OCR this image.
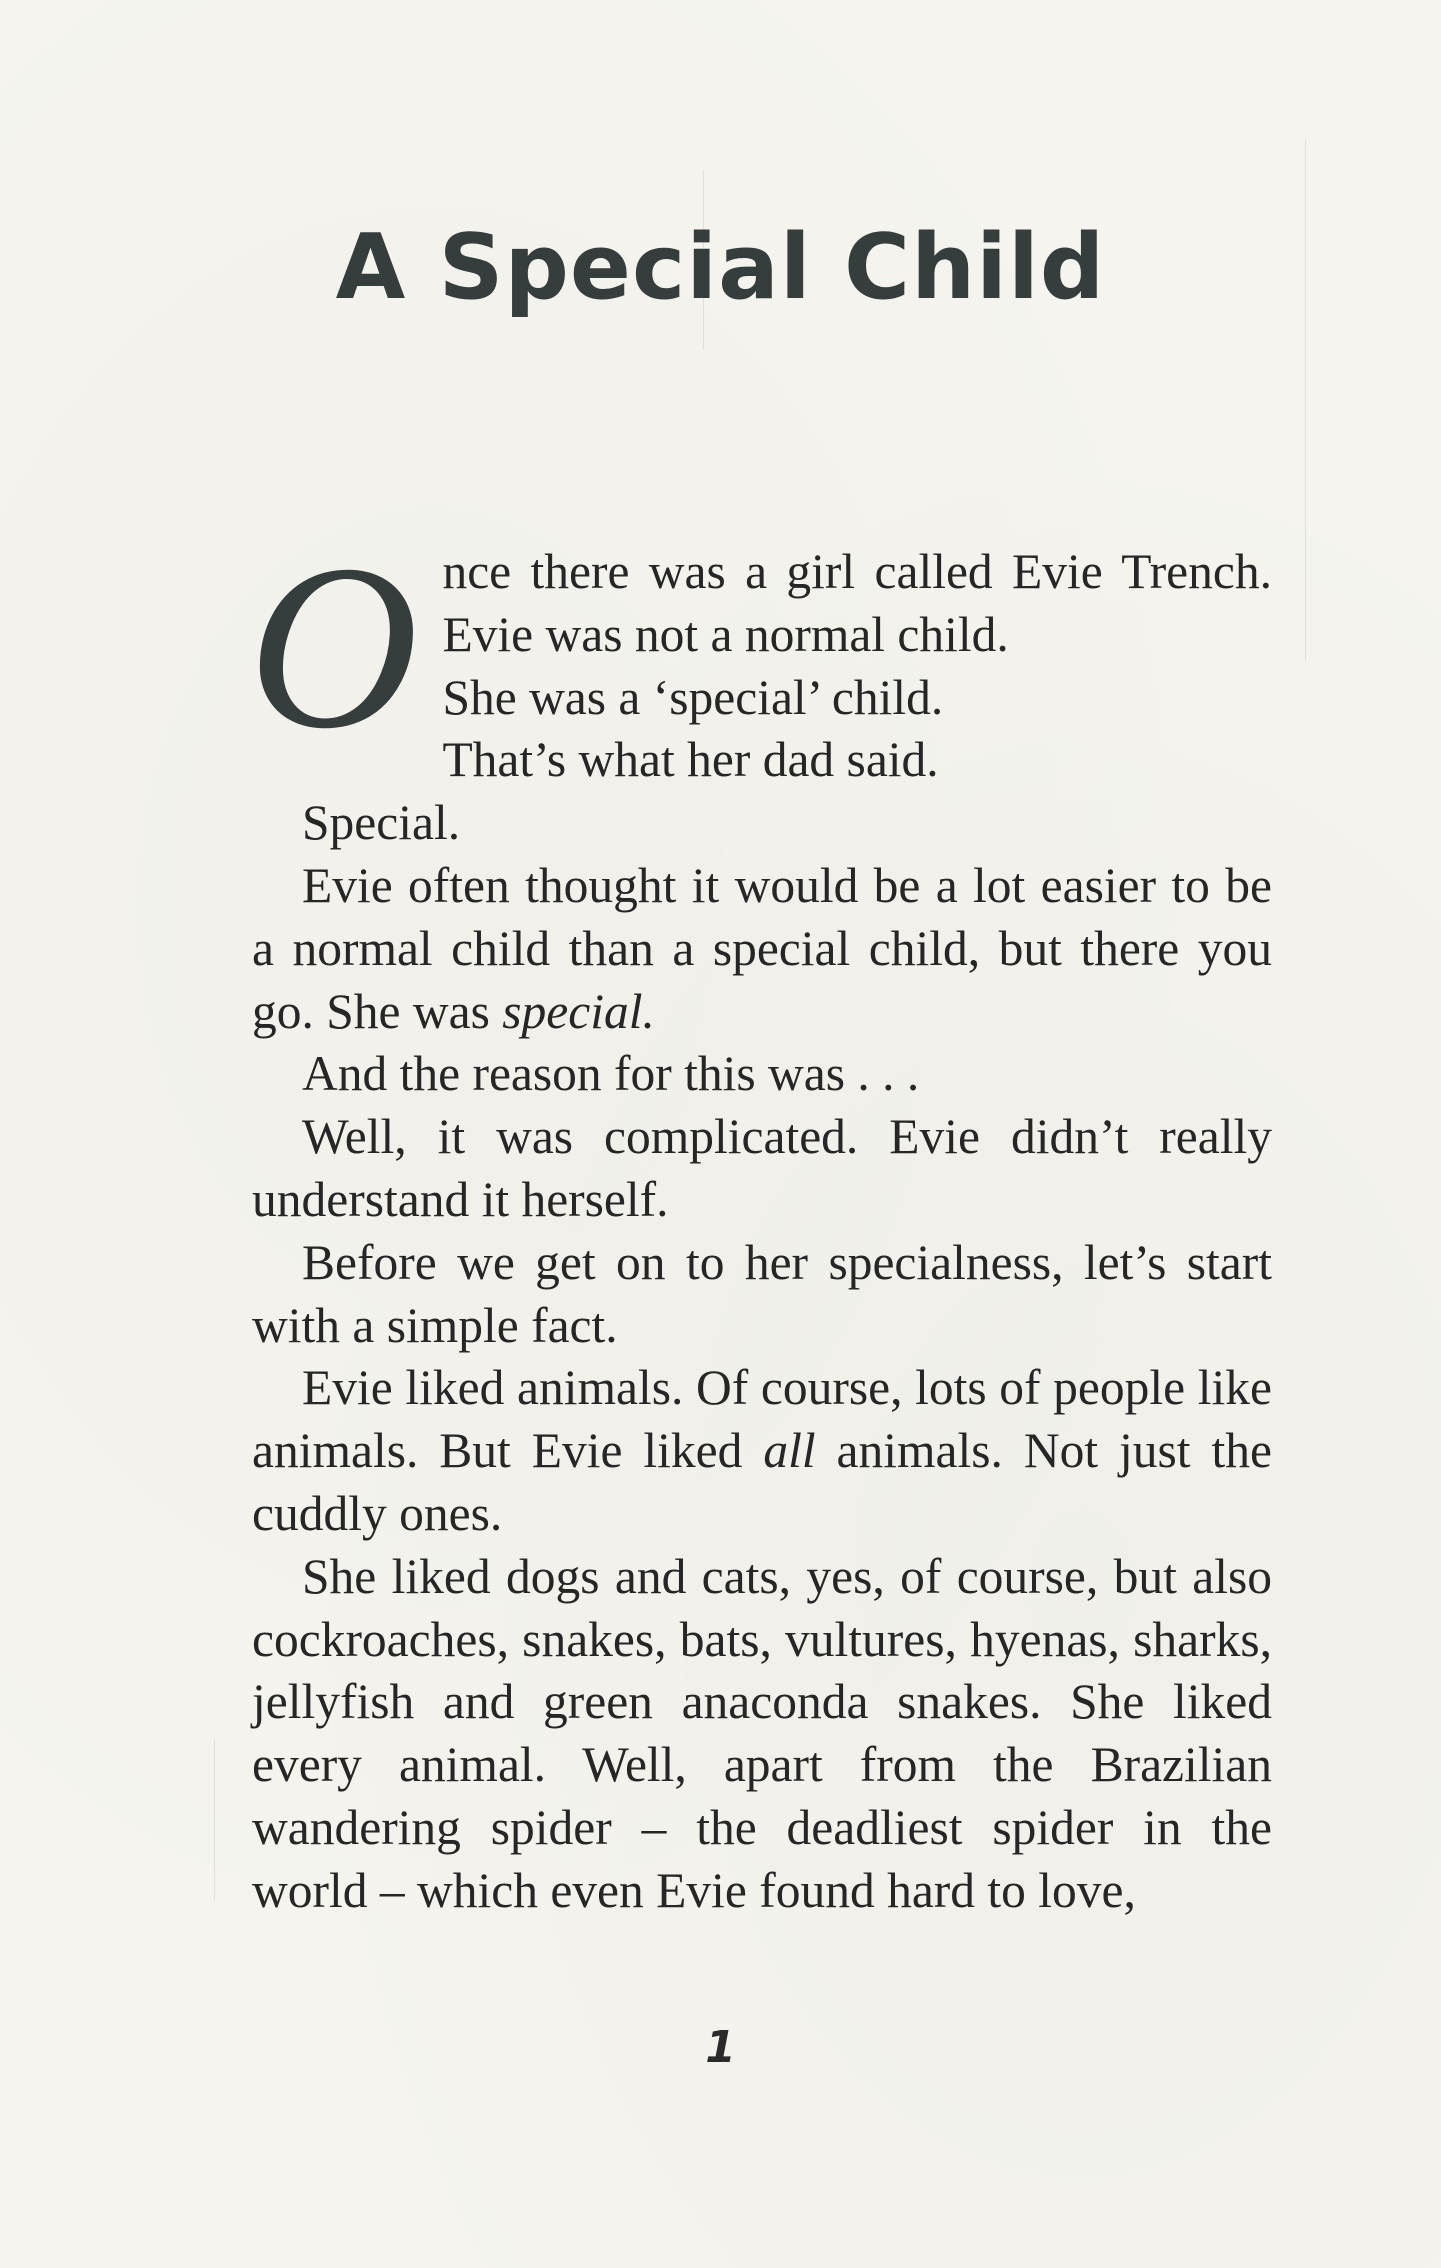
A Special Child
O nce there was a girl called Evie Trench.
Evie was not a normal child.
She was a ‘special’ child.
That’s what her dad said.

Special.

Evie often thought it would be a lot easier to be a normal child than a special child, but there you go. She was special.

And the reason for this was . . .

Well, it was complicated. Evie didn’t really understand it herself.

Before we get on to her specialness, let’s start with a simple fact.

Evie liked animals. Of course, lots of people like animals. But Evie liked all animals. Not just the cuddly ones.

She liked dogs and cats, yes, of course, but also cockroaches, snakes, bats, vultures, hyenas, sharks, jellyfish and green anaconda snakes. She liked every animal. Well, apart from the Brazilian wandering spider – the deadliest spider in the world – which even Evie found hard to love,

1
